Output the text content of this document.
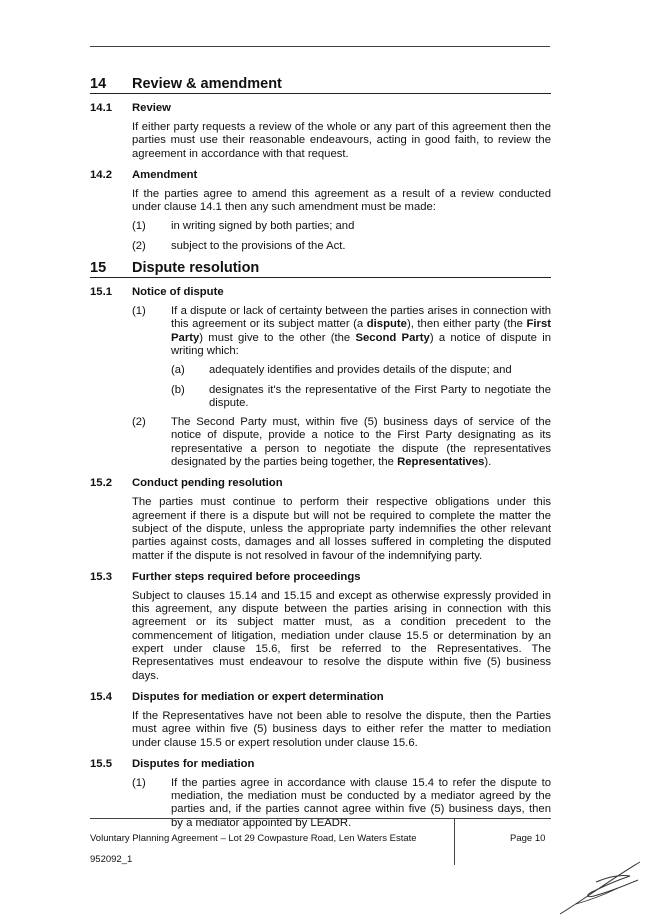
14	Review & amendment
14.1	Review
If either party requests a review of the whole or any part of this agreement then the parties must use their reasonable endeavours, acting in good faith, to review the agreement in accordance with that request.
14.2	Amendment
If the parties agree to amend this agreement as a result of a review conducted under clause 14.1 then any such amendment must be made:
(1)	in writing signed by both parties; and
(2)	subject to the provisions of the Act.
15	Dispute resolution
15.1	Notice of dispute
(1)	If a dispute or lack of certainty between the parties arises in connection with this agreement or its subject matter (a dispute), then either party (the First Party) must give to the other (the Second Party) a notice of dispute in writing which:
(a)	adequately identifies and provides details of the dispute; and
(b)	designates it's the representative of the First Party to negotiate the dispute.
(2)	The Second Party must, within five (5) business days of service of the notice of dispute, provide a notice to the First Party designating as its representative a person to negotiate the dispute (the representatives designated by the parties being together, the Representatives).
15.2	Conduct pending resolution
The parties must continue to perform their respective obligations under this agreement if there is a dispute but will not be required to complete the matter the subject of the dispute, unless the appropriate party indemnifies the other relevant parties against costs, damages and all losses suffered in completing the disputed matter if the dispute is not resolved in favour of the indemnifying party.
15.3	Further steps required before proceedings
Subject to clauses 15.14 and 15.15 and except as otherwise expressly provided in this agreement, any dispute between the parties arising in connection with this agreement or its subject matter must, as a condition precedent to the commencement of litigation, mediation under clause 15.5 or determination by an expert under clause 15.6, first be referred to the Representatives. The Representatives must endeavour to resolve the dispute within five (5) business days.
15.4	Disputes for mediation or expert determination
If the Representatives have not been able to resolve the dispute, then the Parties must agree within five (5) business days to either refer the matter to mediation under clause 15.5 or expert resolution under clause 15.6.
15.5	Disputes for mediation
(1)	If the parties agree in accordance with clause 15.4 to refer the dispute to mediation, the mediation must be conducted by a mediator agreed by the parties and, if the parties cannot agree within five (5) business days, then by a mediator appointed by LEADR.
Voluntary Planning Agreement – Lot 29 Cowpasture Road, Len Waters Estate
952092_1
Page 10
